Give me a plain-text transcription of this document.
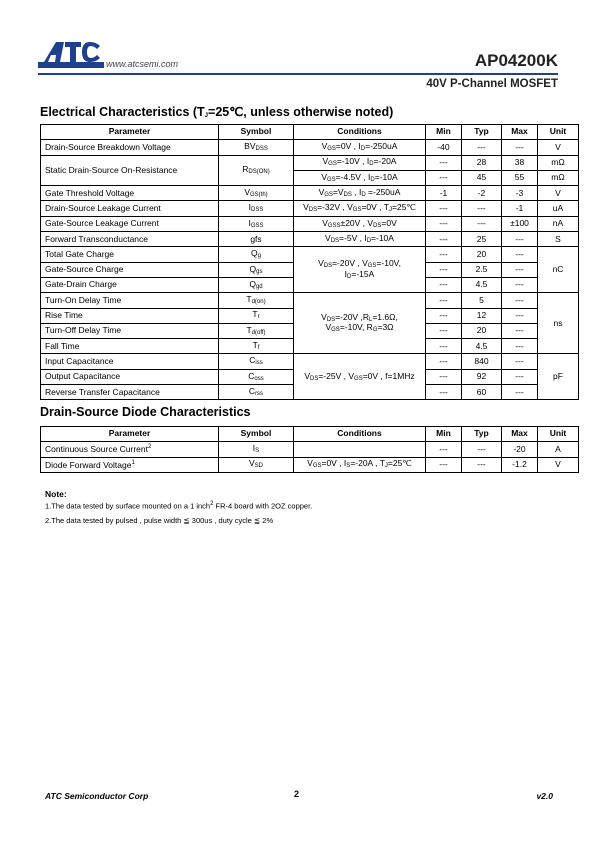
www.atcsemi.com	AP04200K
40V P-Channel MOSFET
Electrical Characteristics ($T_J=25℃$, unless otherwise noted)
Parameter	Symbol	Conditions	Min	Typ	Max	Unit
Drain-Source Breakdown Voltage	$BV_{DSS}$	$V_{GS}=0V$ , $I_D=-250uA$	-40	---	---	V
Static Drain-Source On-Resistance	$R_{DS(ON)}$	$V_{GS}=-10V$ , $I_D=-20A$	---	28	38	mΩ
		$V_{GS}=-4.5V$ , $I_D=-10A$	---	45	55	mΩ
Gate Threshold Voltage	$V_{GS(th)}$	$V_{GS}=V_{DS}$ , $I_D =-250uA$	-1	-2	-3	V
Drain-Source Leakage Current	$I_{DSS}$	$V_{DS}=-32V$ , $V_{GS}=0V$ , $T_J=25℃$	---	---	-1	uA
Gate-Source Leakage Current	$I_{GSS}$	$V_{GSS}\pm 20V$ , $V_{DS}=0V$	---	---	±100	nA
Forward Transconductance	gfs	$V_{DS}=-5V$ , $I_D=-10A$	---	25	---	S
Total Gate Charge	$Q_g$	$V_{DS}=-20V$ , $V_{GS}=-10V$,
$I_D=-15A$	---	20	---	nC
Gate-Source Charge	$Q_{gs}$		---	2.5	---	
Gate-Drain Charge	$Q_{gd}$		---	4.5	---	
Turn-On Delay Time	$T_{d(on)}$	$V_{DS}=-20V$ $,R_L=1.6\Omega$,
$V_{GS}=-10V$, $R_G=3\Omega$	---	5	---	ns
Rise Time	$T_r$		---	12	---	
Turn-Off Delay Time	$T_{d(off)}$		---	20	---	
Fall Time	$T_f$		---	4.5	---	
Input Capacitance	$C_{iss}$	$V_{DS}=-25V$ , $V_{GS}=0V$ , f=1MHz	---	840	---	pF
Output Capacitance	$C_{oss}$		---	92	---	
Reverse Transfer Capacitance	$C_{rss}$		---	60	---	
Drain-Source Diode Characteristics
Parameter	Symbol	Conditions	Min	Typ	Max	Unit
Continuous Source Current$^2$	$I_S$		---	---	-20	A
Diode Forward Voltage$^1$	$V_{SD}$	$V_{GS}=0V$ , $I_S=-20A$ , $T_J=25℃$	---	---	-1.2	V
Note:
1.The data tested by surface mounted on a 1 inch$^2$ FR-4 board with 2OZ copper.
2.The data tested by pulsed , pulse width ≦ 300us , duty cycle ≦ 2%
ATC Semiconductor Corp	2	v2.0
